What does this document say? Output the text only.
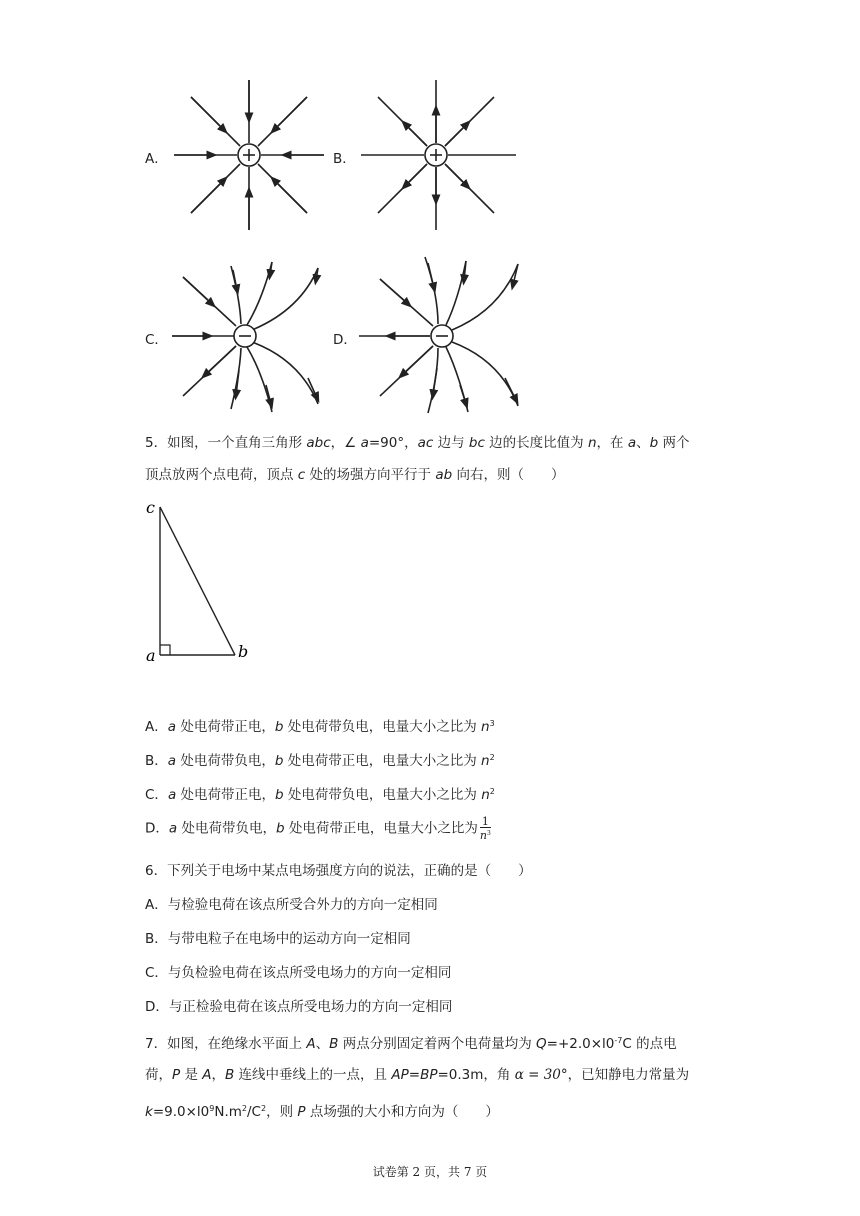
A．	B．
C．	D．
5．如图，一个直角三角形 abc，∠ a=90°，ac 边与 bc 边的长度比值为 n，在 a、b 两个
顶点放两个点电荷，顶点 c 处的场强方向平行于 ab 向右，则（　　）
c
a	b
A．a 处电荷带正电，b 处电荷带负电，电量大小之比为 $n^3$
B．a 处电荷带负电，b 处电荷带正电，电量大小之比为 $n^2$
C．a 处电荷带正电，b 处电荷带负电，电量大小之比为 $n^2$
D．a 处电荷带负电，b 处电荷带正电，电量大小之比为 $\frac{1}{n^3}$
6．下列关于电场中某点电场强度方向的说法，正确的是（　　）
A．与检验电荷在该点所受合外力的方向一定相同
B．与带电粒子在电场中的运动方向一定相同
C．与负检验电荷在该点所受电场力的方向一定相同
D．与正检验电荷在该点所受电场力的方向一定相同
7．如图，在绝缘水平面上 A、B 两点分别固定着两个电荷量均为 $Q=+2.0\times l0^{-7}C$ 的点电
荷，P 是 A，B 连线中垂线上的一点，且 AP=BP=0.3m，角 α = 30°，已知静电力常量为
$k=9.0\times l0^9N.m^2/C^2$，则 P 点场强的大小和方向为（　　）
试卷第 2 页，共 7 页
